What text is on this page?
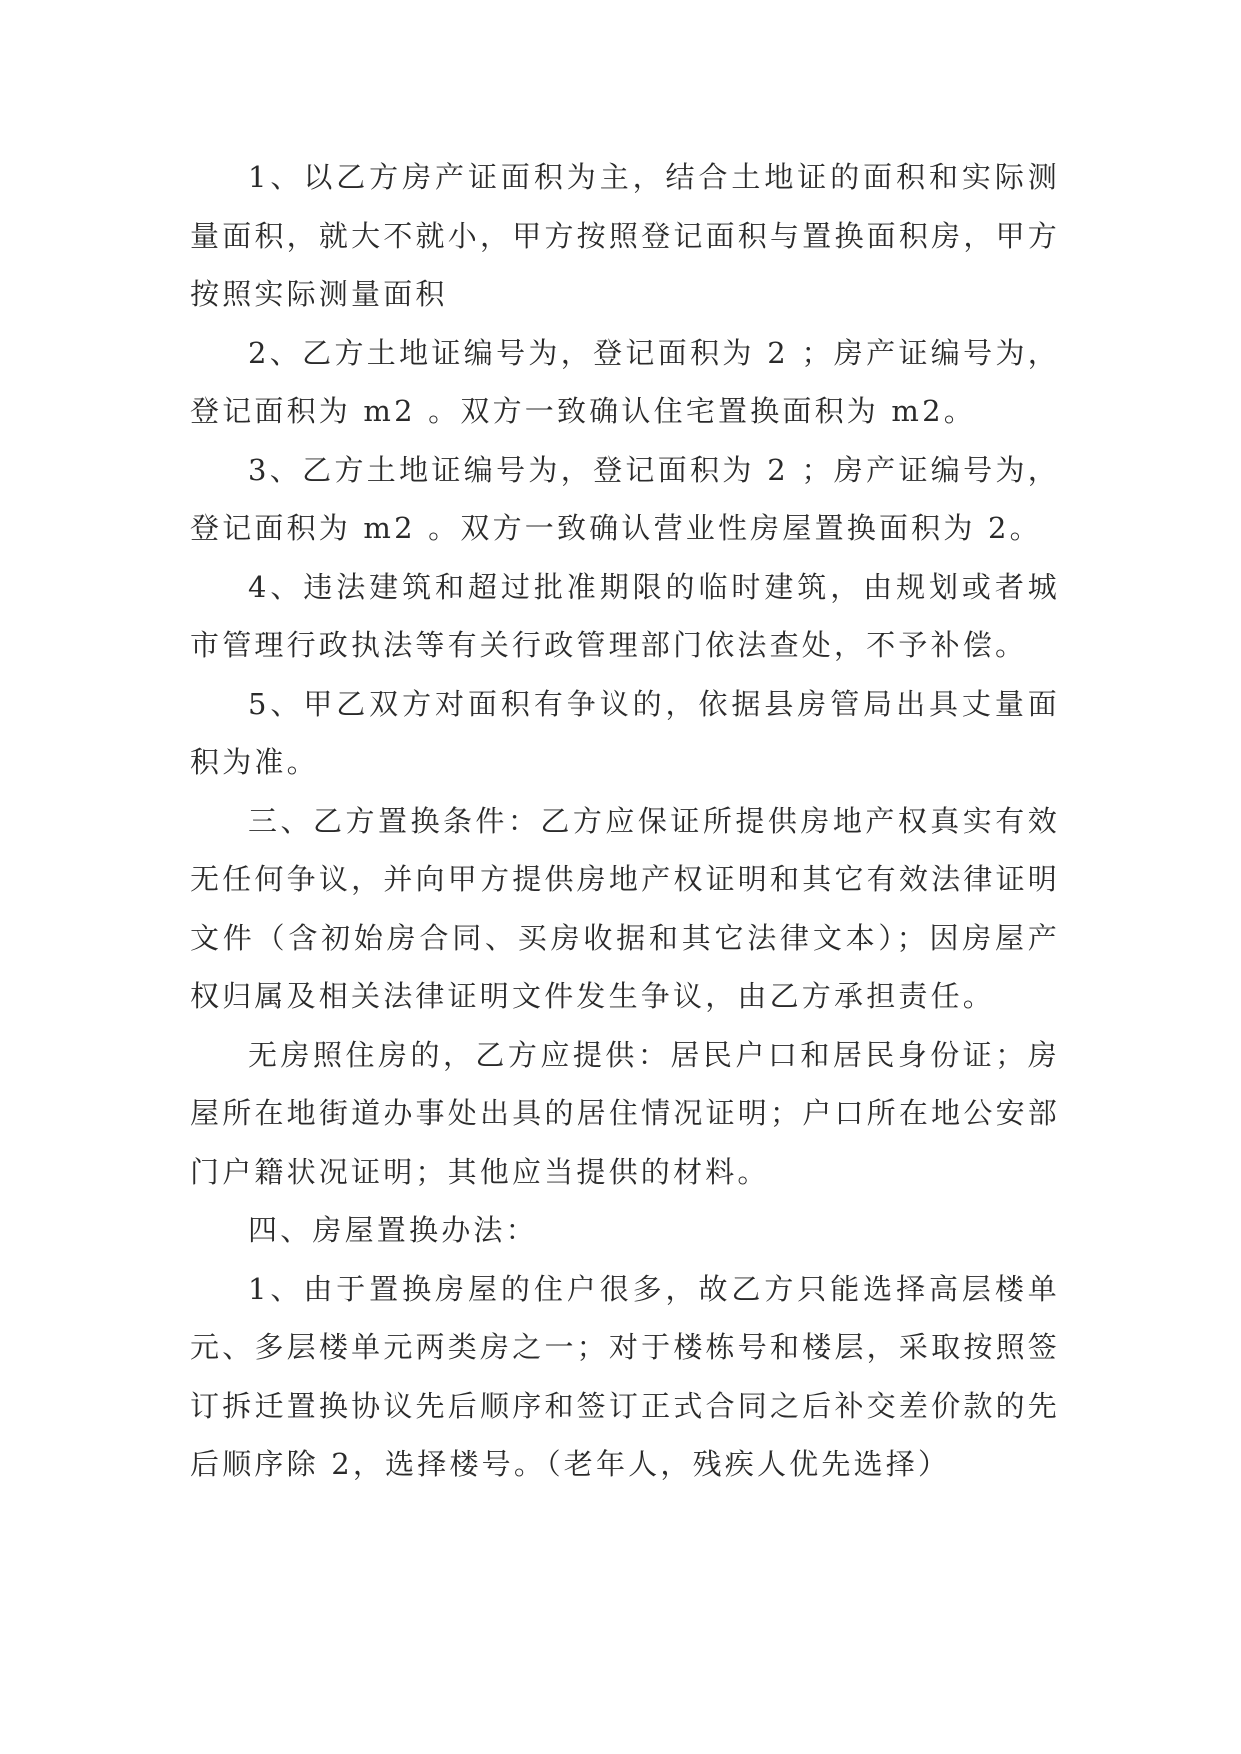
1、以乙方房产证面积为主，结合土地证的面积和实际测量面积，就大不就小，甲方按照登记面积与置换面积房，甲方按照实际测量面积

2、乙方土地证编号为，登记面积为 2 ；房产证编号为，登记面积为 m2 。双方一致确认住宅置换面积为 m2。

3、乙方土地证编号为，登记面积为 2 ；房产证编号为，登记面积为 m2 。双方一致确认营业性房屋置换面积为 2。

4、违法建筑和超过批准期限的临时建筑，由规划或者城市管理行政执法等有关行政管理部门依法查处，不予补偿。

5、甲乙双方对面积有争议的，依据县房管局出具丈量面积为准。

三、乙方置换条件：乙方应保证所提供房地产权真实有效无任何争议，并向甲方提供房地产权证明和其它有效法律证明文件（含初始房合同、买房收据和其它法律文本）；因房屋产权归属及相关法律证明文件发生争议，由乙方承担责任。

无房照住房的，乙方应提供：居民户口和居民身份证；房屋所在地街道办事处出具的居住情况证明；户口所在地公安部门户籍状况证明；其他应当提供的材料。

四、房屋置换办法：

1、由于置换房屋的住户很多，故乙方只能选择高层楼单元、多层楼单元两类房之一；对于楼栋号和楼层，采取按照签订拆迁置换协议先后顺序和签订正式合同之后补交差价款的先后顺序除 2，选择楼号。（老年人，残疾人优先选择）
